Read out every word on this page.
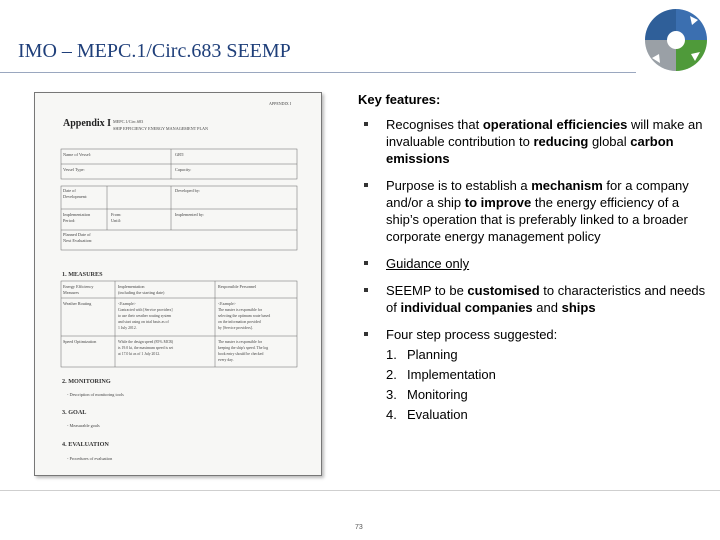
IMO – MEPC.1/Circ.683 SEEMP
APPENDIX I
Appendix I MEPC.1/Circ.683
SHIP EFFICIENCY ENERGY MANAGEMENT PLAN
Name of Vessel:	GRT:
Vessel Type:	Capacity:
Date of
Development:
Developed by:
Implementation
Period:
From:
Until:
Implemented by:
Planned Date of
Next Evaluation:
1. MEASURES
Energy Efficiency
Measures
Implementation
(including the starting date)
Responsible Personnel
Weather Routing
Speed Optimization
<Example>
Contracted with [Service providers]
to use their weather routing system
and start using on trial basis as of
1 July 2012.
<Example>
The master is responsible for
selecting the optimum route based
on the information provided
by [Service providers].
While the design speed (85% MCR)
is 19.0 kt, the maximum speed is set
at 17.0 kt as of 1 July 2012.
The master is responsible for
keeping the ship's speed. The log
book entry should be checked
every day.
2. MONITORING
- Description of monitoring tools
3. GOAL
- Measurable goals
4. EVALUATION
- Procedures of evaluation
Key features:
Recognises that operational efficiencies will make an invaluable contribution to reducing global carbon emissions
Purpose is to establish a mechanism for a company and/or a ship to improve the energy efficiency of a ship’s operation that is preferably linked to a broader corporate energy management policy
Guidance only
SEEMP to be customised to characteristics and needs of individual companies and ships
Four step process suggested:
1. Planning
2. Implementation
3. Monitoring
4. Evaluation
73
